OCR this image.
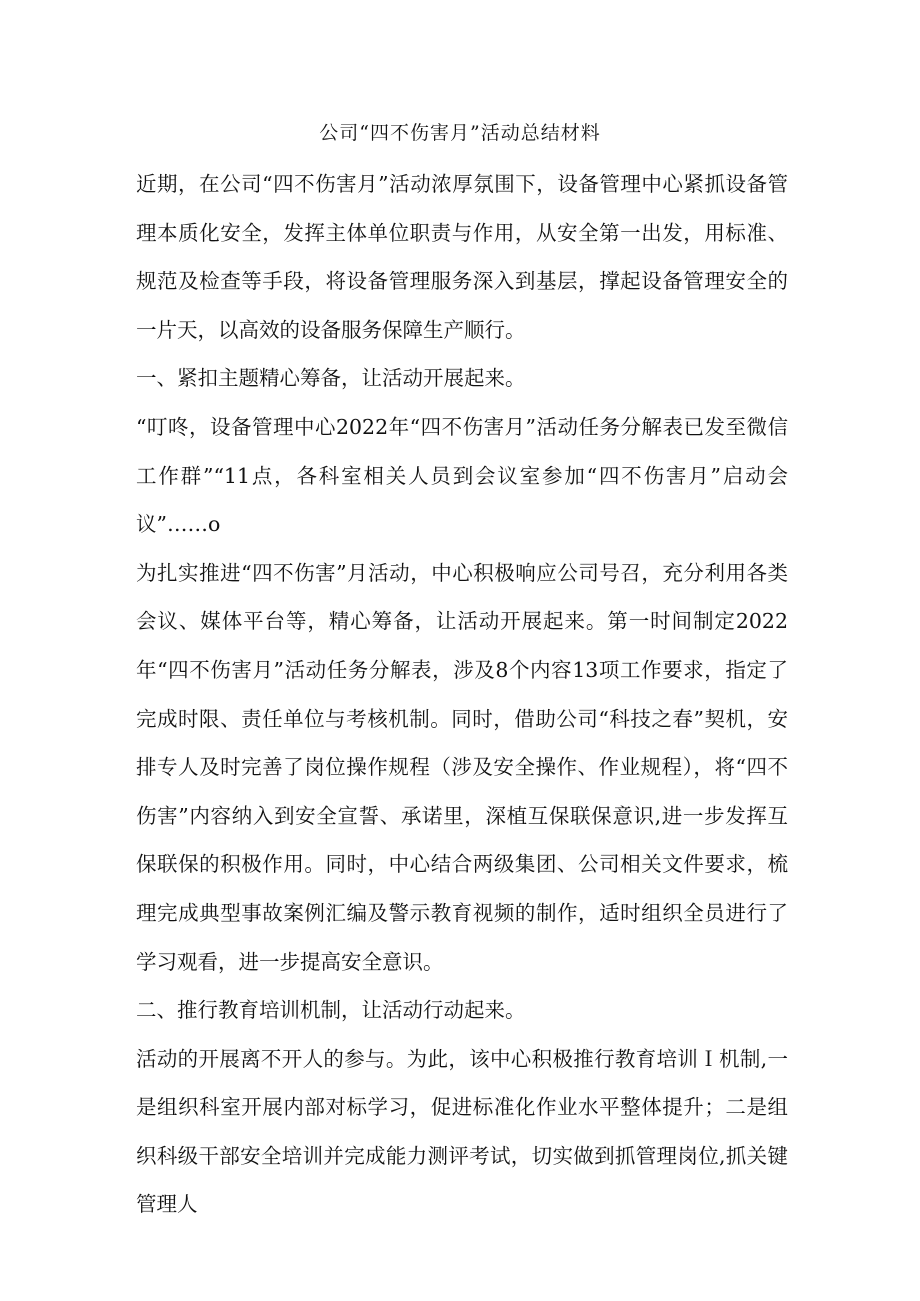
公司“四不伤害月”活动总结材料

近期，在公司“四不伤害月”活动浓厚氛围下，设备管理中心紧抓设备管理本质化安全，发挥主体单位职责与作用，从安全第一出发，用标准、规范及检查等手段，将设备管理服务深入到基层，撑起设备管理安全的一片天，以高效的设备服务保障生产顺行。

一、紧扣主题精心筹备，让活动开展起来。

“叮咚，设备管理中心2022年“四不伤害月”活动任务分解表已发至微信工作群”“11点，各科室相关人员到会议室参加“四不伤害月”启动会议”……o

为扎实推进“四不伤害”月活动，中心积极响应公司号召，充分利用各类会议、媒体平台等，精心筹备，让活动开展起来。第一时间制定2022年“四不伤害月”活动任务分解表，涉及8个内容13项工作要求，指定了完成时限、责任单位与考核机制。同时，借助公司“科技之春”契机，安排专人及时完善了岗位操作规程（涉及安全操作、作业规程），将“四不伤害”内容纳入到安全宣誓、承诺里，深植互保联保意识,进一步发挥互保联保的积极作用。同时，中心结合两级集团、公司相关文件要求，梳理完成典型事故案例汇编及警示教育视频的制作，适时组织全员进行了学习观看，进一步提高安全意识。

二、推行教育培训机制，让活动行动起来。

活动的开展离不开人的参与。为此，该中心积极推行教育培训Ｉ机制,一是组织科室开展内部对标学习，促进标准化作业水平整体提升；二是组织科级干部安全培训并完成能力测评考试，切实做到抓管理岗位,抓关键管理人
